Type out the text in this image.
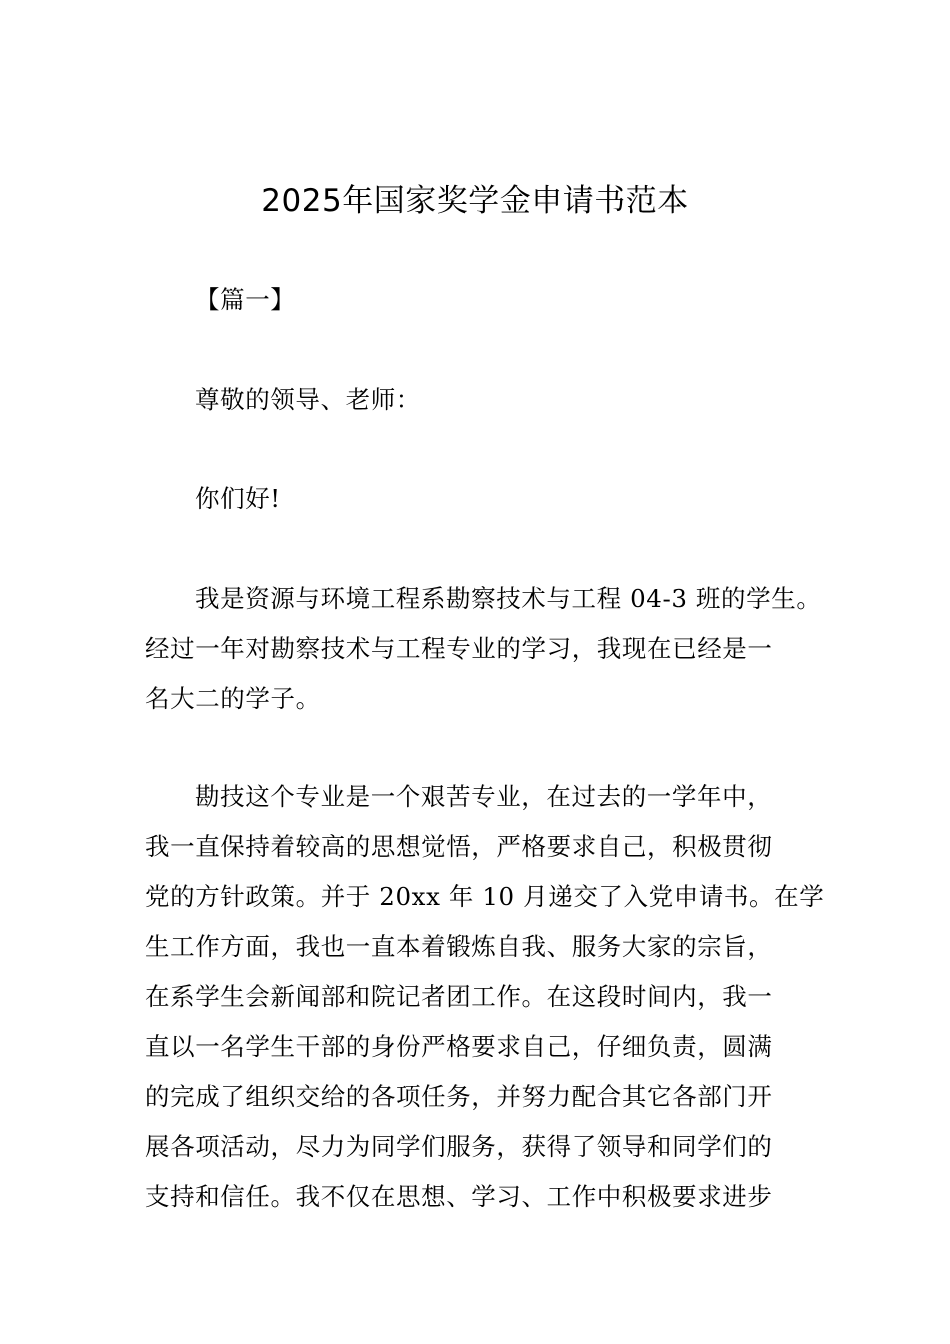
2025年国家奖学金申请书范本
【篇一】
尊敬的领导、老师：
你们好!
我是资源与环境工程系勘察技术与工程 04-3 班的学生。
经过一年对勘察技术与工程专业的学习，我现在已经是一
名大二的学子。
勘技这个专业是一个艰苦专业，在过去的一学年中，
我一直保持着较高的思想觉悟，严格要求自己，积极贯彻
党的方针政策。并于 20xx 年 10 月递交了入党申请书。在学
生工作方面，我也一直本着锻炼自我、服务大家的宗旨，
在系学生会新闻部和院记者团工作。在这段时间内，我一
直以一名学生干部的身份严格要求自己，仔细负责，圆满
的完成了组织交给的各项任务，并努力配合其它各部门开
展各项活动，尽力为同学们服务，获得了领导和同学们的
支持和信任。我不仅在思想、学习、工作中积极要求进步
